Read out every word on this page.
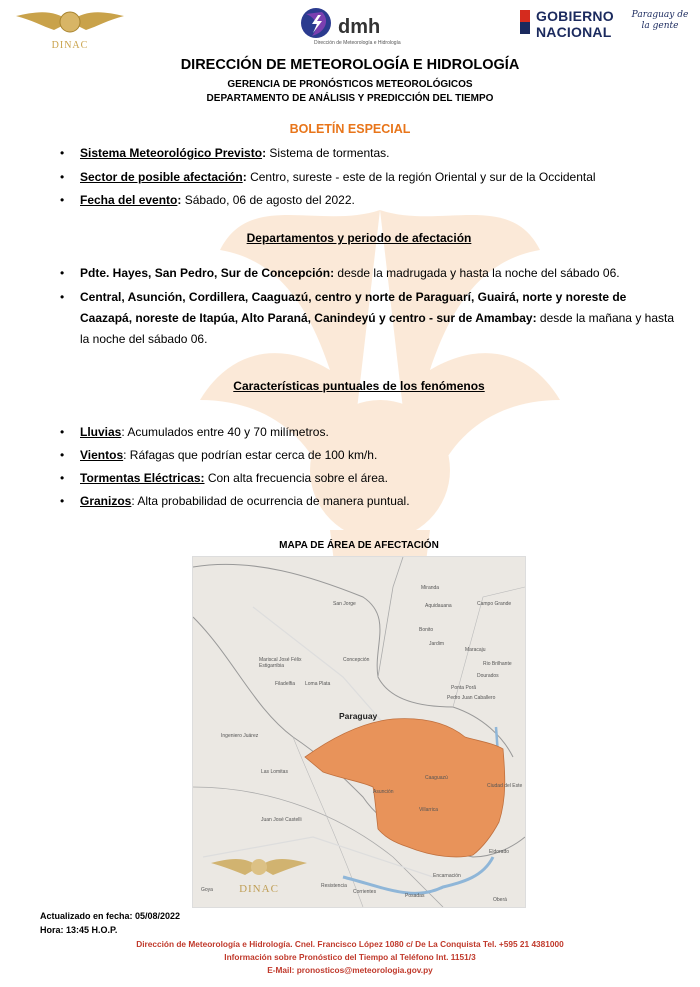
DINAC
dmh
Dirección de Meteorología e Hidrología
GOBIERNO
NACIONAL
Paraguay de la gente
DIRECCIÓN DE METEOROLOGÍA E HIDROLOGÍA
GERENCIA DE PRONÓSTICOS METEOROLÓGICOS
DEPARTAMENTO DE ANÁLISIS Y PREDICCIÓN DEL TIEMPO
BOLETÍN ESPECIAL
• Sistema Meteorológico Previsto: Sistema de tormentas.
• Sector de posible afectación: Centro, sureste - este de la región Oriental y sur de la Occidental
• Fecha del evento: Sábado, 06 de agosto del 2022.
Departamentos y periodo de afectación
• Pdte. Hayes, San Pedro, Sur de Concepción: desde la madrugada y hasta la noche del sábado 06.
• Central, Asunción, Cordillera, Caaguazú, centro y norte de Paraguarí, Guairá, norte y noreste de Caazapá, noreste de Itapúa, Alto Paraná, Canindeyú y centro - sur de Amambay: desde la mañana y hasta la noche del sábado 06.
Características puntuales de los fenómenos
• Lluvias: Acumulados entre 40 y 70 milímetros.
• Vientos: Ráfagas que podrían estar cerca de 100 km/h.
• Tormentas Eléctricas: Con alta frecuencia sobre el área.
• Granizos: Alta probabilidad de ocurrencia de manera puntual.
MAPA DE ÁREA DE AFECTACIÓN
Paraguay
San Jorge
Miranda
Aquidauana	Campo Grande
Bonito
Jardim
Maracaju
Rio Brilhante
Dourados
Ponta Porã
Pedro Juan Caballero
Concepción
Filadelfia Loma Plata
Mariscal José Félix Estigarribia
Ingeniero Juárez
Las Lomitas
Juan José Castelli
Resistencia
Corrientes
Posadas
Encarnación
Goya
Oberá
Eldorado
Asunción
Ciudad del Este
Caaguazú
Villarrica
DINAC
Actualizado en fecha: 05/08/2022
Hora: 13:45 H.O.P.
Dirección de Meteorología e Hidrología. Cnel. Francisco López 1080 c/ De La Conquista Tel. +595 21 4381000
Información sobre Pronóstico del Tiempo al Teléfono Int. 1151/3
E-Mail: pronosticos@meteorologia.gov.py
